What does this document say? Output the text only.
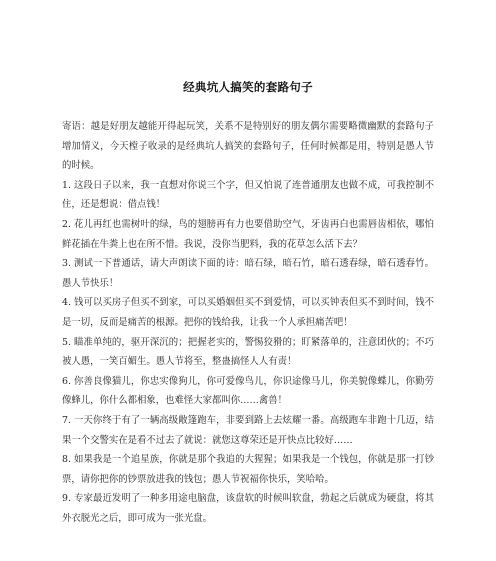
经典坑人搞笑的套路句子

寄语：越是好朋友越能开得起玩笑，关系不是特别好的朋友偶尔需要略微幽默的套路句子增加情义，今天樘子收录的是经典坑人搞笑的套路句子，任何时候都是用，特别是愚人节的时候。

1. 这段日子以来，我一直想对你说三个字，但又怕说了连普通朋友也做不成，可我控制不住，还是想说：借点钱！

2. 花儿再红也需树叶的绿，鸟的翅膀再有力也要借助空气，牙齿再白也需唇齿相依，哪怕鲜花插在牛粪上也在所不惜。我说，没你当肥料，我的花草怎么活下去？

3. 测试一下普通话，请大声朗读下面的诗：暗石绿，暗石竹，暗石透春绿，暗石透春竹。愚人节快乐！

4. 钱可以买房子但买不到家，可以买婚姻但买不到爱情，可以买钟表但买不到时间，钱不是一切，反而是痛苦的根源。把你的钱给我，让我一个人承担痛苦吧！

5. 瞄准单纯的，驱开深沉的；把握老实的，警惕狡猾的；盯紧落单的，注意团伙的；不巧被人愚，一笑百媚生。愚人节将至，整蛊搞怪人人有责！

6. 你善良像猫儿，你忠实像狗儿，你可爱像鸟儿，你识途像马儿，你美貌像蝶儿，你勤劳像蜂儿，你什么都相象，也难怪大家都叫你……禽兽！

7. 一天你终于有了一辆高级敞篷跑车，非要到路上去炫耀一番。高级跑车非跑十几迈，结果一个交警实在是看不过去了就说：就您这尊荣还是开快点比较好……

8. 如果我是一个追星族，你就是那个我追的大猩猩；如果我是一个钱包，你就是那一打钞票，请你把你的钞票放进我的钱包；愚人节祝福你快乐，笑哈哈。

9. 专家最近发明了一种多用途电脑盘，该盘软的时候叫软盘，勃起之后就成为硬盘，将其外衣脱光之后，即可成为一张光盘。
